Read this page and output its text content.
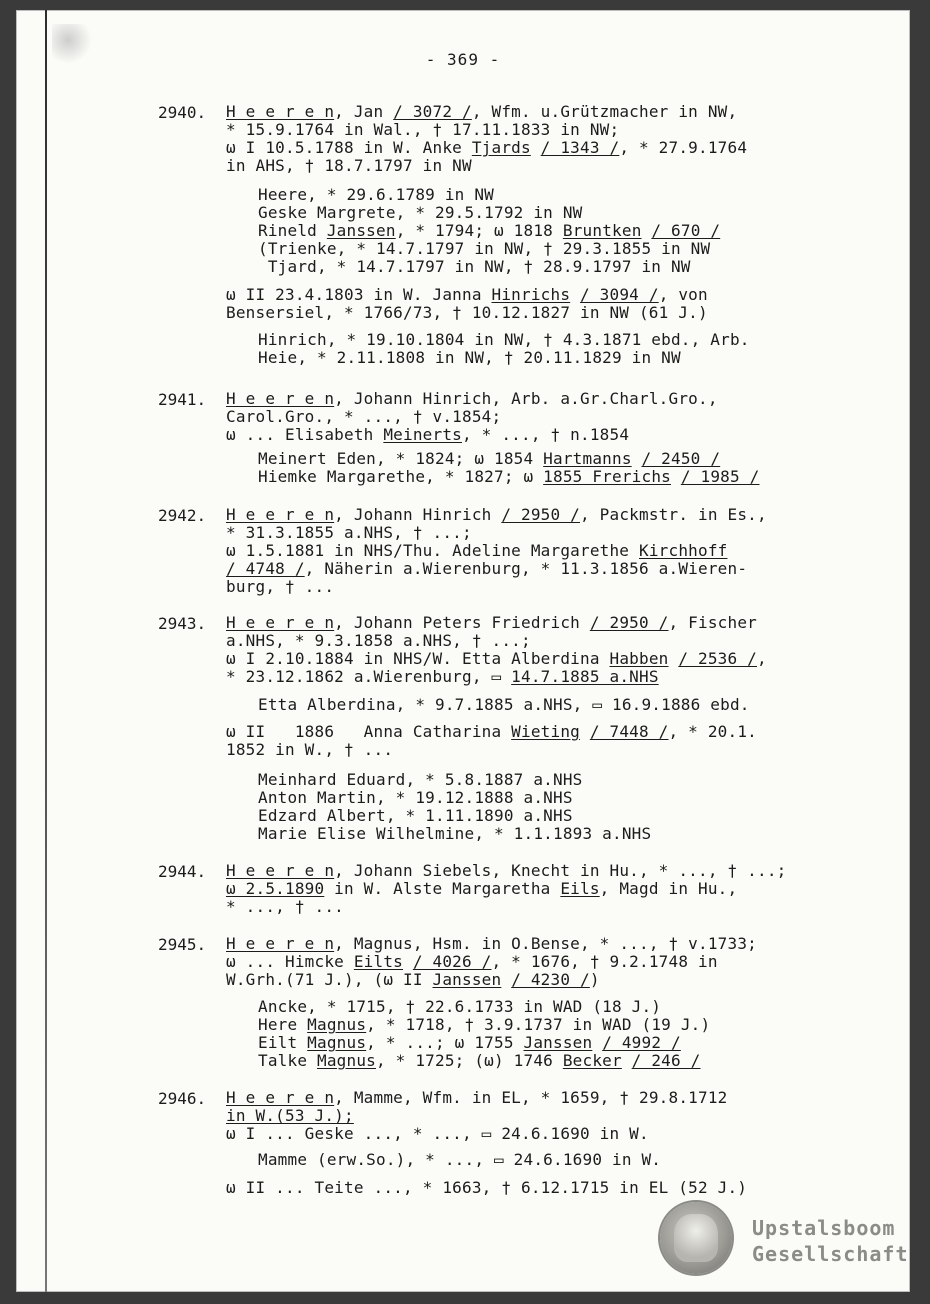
- 369 -
2940. H e e r e n, Jan / 3072 /, Wfm. u.Grützmacher in NW,
* 15.9.1764 in Wal., † 17.11.1833 in NW;
ω I 10.5.1788 in W. Anke Tjards / 1343 /, * 27.9.1764
in AHS, † 18.7.1797 in NW
Heere, * 29.6.1789 in NW
Geske Margrete, * 29.5.1792 in NW
Rineld Janssen, * 1794; ω 1818 Bruntken / 670 /
(Trienke, * 14.7.1797 in NW, † 29.3.1855 in NW
Tjard, * 14.7.1797 in NW, † 28.9.1797 in NW
ω II 23.4.1803 in W. Janna Hinrichs / 3094 /, von
Bensersiel, * 1766/73, † 10.12.1827 in NW (61 J.)
Hinrich, * 19.10.1804 in NW, † 4.3.1871 ebd., Arb.
Heie, * 2.11.1808 in NW, † 20.11.1829 in NW
2941. H e e r e n, Johann Hinrich, Arb. a.Gr.Charl.Gro.,
Carol.Gro., * ..., † v.1854;
ω ... Elisabeth Meinerts, * ..., † n.1854
Meinert Eden, * 1824; ω 1854 Hartmanns / 2450 /
Hiemke Margarethe, * 1827; ω 1855 Frerichs / 1985 /
2942. H e e r e n, Johann Hinrich / 2950 /, Packmstr. in Es.,
* 31.3.1855 a.NHS, † ...;
ω 1.5.1881 in NHS/Thu. Adeline Margarethe Kirchhoff
/ 4748 /, Näherin a.Wierenburg, * 11.3.1856 a.Wieren-
burg, † ...
2943. H e e r e n, Johann Peters Friedrich / 2950 /, Fischer
a.NHS, * 9.3.1858 a.NHS, † ...;
ω I 2.10.1884 in NHS/W. Etta Alberdina Habben / 2536 /,
* 23.12.1862 a.Wierenburg, ▭ 14.7.1885 a.NHS
Etta Alberdina, * 9.7.1885 a.NHS, ▭ 16.9.1886 ebd.
ω II   1886   Anna Catharina Wieting / 7448 /, * 20.1.
1852 in W., † ...
Meinhard Eduard, * 5.8.1887 a.NHS
Anton Martin, * 19.12.1888 a.NHS
Edzard Albert, * 1.11.1890 a.NHS
Marie Elise Wilhelmine, * 1.1.1893 a.NHS
2944. H e e r e n, Johann Siebels, Knecht in Hu., * ..., † ...;
ω 2.5.1890 in W. Alste Margaretha Eils, Magd in Hu.,
* ..., † ...
2945. H e e r e n, Magnus, Hsm. in O.Bense, * ..., † v.1733;
ω ... Himcke Eilts / 4026 /, * 1676, † 9.2.1748 in
W.Grh.(71 J.), (ω II Janssen / 4230 /)
Ancke, * 1715, † 22.6.1733 in WAD (18 J.)
Here Magnus, * 1718, † 3.9.1737 in WAD (19 J.)
Eilt Magnus, * ...; ω 1755 Janssen / 4992 /
Talke Magnus, * 1725; (ω) 1746 Becker / 246 /
2946. H e e r e n, Mamme, Wfm. in EL, * 1659, † 29.8.1712
in W.(53 J.);
ω I ... Geske ..., * ..., ▭ 24.6.1690 in W.
Mamme (erw.So.), * ..., ▭ 24.6.1690 in W.
ω II ... Teite ..., * 1663, † 6.12.1715 in EL (52 J.)
Upstalsboom
Gesellschaft
